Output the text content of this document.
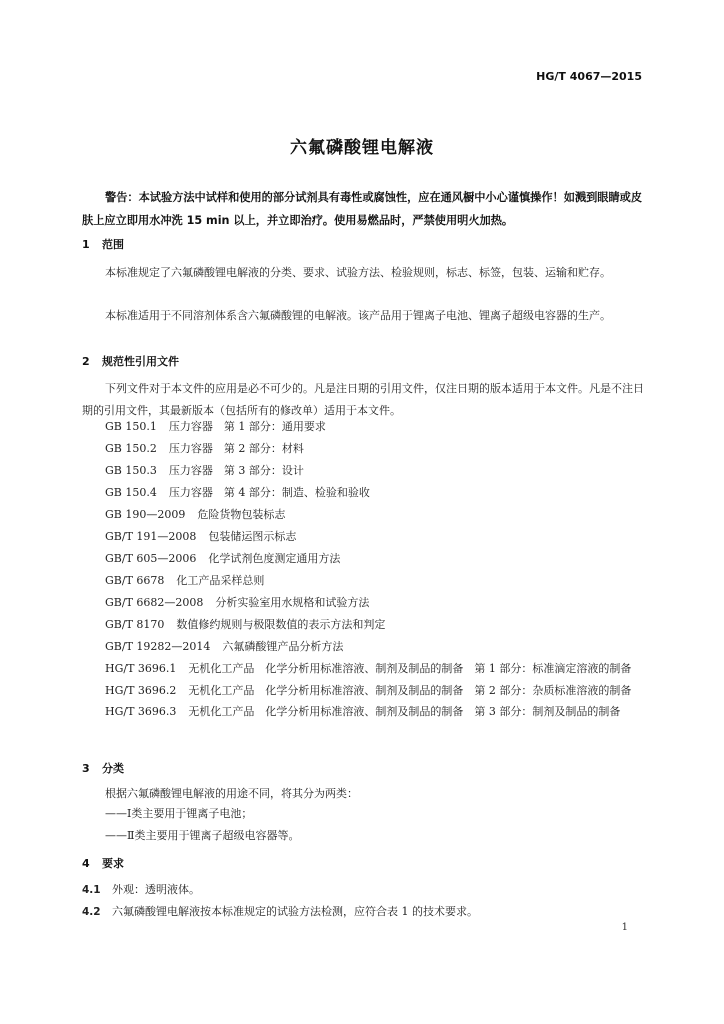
HG/T 4067—2015
六氟磷酸锂电解液
警告：本试验方法中试样和使用的部分试剂具有毒性或腐蚀性，应在通风橱中小心谨慎操作！如溅到眼睛或皮肤上应立即用水冲洗 15 min 以上，并立即治疗。使用易燃品时，严禁使用明火加热。
1 范围
本标准规定了六氟磷酸锂电解液的分类、要求、试验方法、检验规则，标志、标签，包装、运输和贮存。
本标准适用于不同溶剂体系含六氟磷酸锂的电解液。该产品用于锂离子电池、锂离子超级电容器的生产。
2 规范性引用文件
下列文件对于本文件的应用是必不可少的。凡是注日期的引用文件，仅注日期的版本适用于本文件。凡是不注日期的引用文件，其最新版本（包括所有的修改单）适用于本文件。

GB 150.1 压力容器　第 1 部分：通用要求

GB 150.2 压力容器　第 2 部分：材料

GB 150.3 压力容器　第 3 部分：设计

GB 150.4 压力容器　第 4 部分：制造、检验和验收

GB 190—2009 危险货物包装标志

GB/T 191—2008 包装储运图示标志

GB/T 605—2006 化学试剂色度测定通用方法

GB/T 6678 化工产品采样总则

GB/T 6682—2008 分析实验室用水规格和试验方法

GB/T 8170 数值修约规则与极限数值的表示方法和判定

GB/T 19282—2014 六氟磷酸锂产品分析方法

HG/T 3696.1 无机化工产品　化学分析用标准溶液、制剂及制品的制备　第 1 部分：标准滴定溶液的制备

HG/T 3696.2 无机化工产品　化学分析用标准溶液、制剂及制品的制备　第 2 部分：杂质标准溶液的制备

HG/T 3696.3 无机化工产品　化学分析用标准溶液、制剂及制品的制备　第 3 部分：制剂及制品的制备

3 分类
根据六氟磷酸锂电解液的用途不同，将其分为两类：
——Ⅰ类主要用于锂离子电池；
——Ⅱ类主要用于锂离子超级电容器等。
4 要求
4.1 外观：透明液体。
4.2 六氟磷酸锂电解液按本标准规定的试验方法检测，应符合表 1 的技术要求。
1
